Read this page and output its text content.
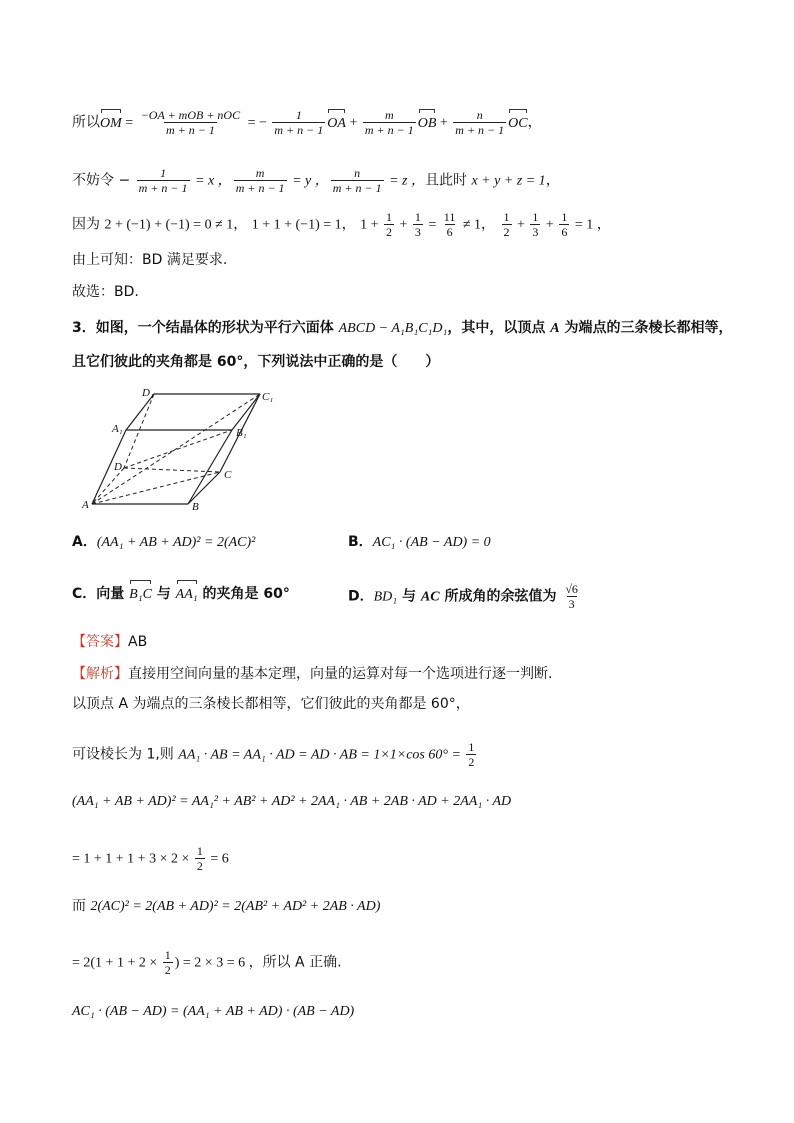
所以OM = $\frac{\text{−OA + mOB + nOC}}{m + n - 1}$ = − $\frac{1}{m + n - 1}$ OA + $\frac{m}{m + n - 1}$ OB + $\frac{n}{m + n - 1}$ OC，
不妨令 − $\frac{1}{m + n - 1} = x$ ， $\frac{m}{m + n - 1} = y$ ， $\frac{n}{m + n - 1} = z$ ，且此时 x + y + z = 1，
因为 2 + (−1) + (−1) = 0 ≠ 1， 1 + 1 + (−1) = 1， $1 + \frac{1}{2} + \frac{1}{3} = \frac{11}{6} \ne 1$， $\frac{1}{2} + \frac{1}{3} + \frac{1}{6} = 1$ ，
由上可知：BD 满足要求.
故选：BD.
3．如图，一个结晶体的形状为平行六面体 ABCD − A₁B₁C₁D₁，其中，以顶点 A 为端点的三条棱长都相等，
且它们彼此的夹角都是 60°，下列说法中正确的是（　　）
D₁	C₁
A₁	B₁
D
C
A	B
A．(AA₁ + AB + AD)² = 2(AC)²	B．AC₁ · (AB − AD) = 0
C．向量 B₁C 与 AA₁ 的夹角是 60°	D．BD₁ 与 AC 所成角的余弦值为 $\frac{√6}{3}$
【答案】AB
【解析】直接用空间向量的基本定理，向量的运算对每一个选项进行逐一判断.
以顶点 A 为端点的三条棱长都相等，它们彼此的夹角都是 60°，
可设棱长为 1,则 AA₁ · AB = AA₁ · AD = AD · AB = 1×1×cos $60^\circ = \frac{1}{2}$
(AA₁ + AB + AD)² = AA₁² + AB² + AD² + 2AA₁ · AB + 2AB · AD + 2AA₁ · AD
= $1 + 1 + 1 + 3 \times 2 \times \frac{1}{2} = 6$
而 2(AC)² = 2(AB + AD)² = 2(AB² + AD² + 2AB · AD)
= $2(1 + 1 + 2 \times \frac{1}{2}$ ) = 2 × 3 = 6 ，所以 A 正确.
AC₁ · (AB − AD) = (AA₁ + AB + AD) · (AB − AD)
